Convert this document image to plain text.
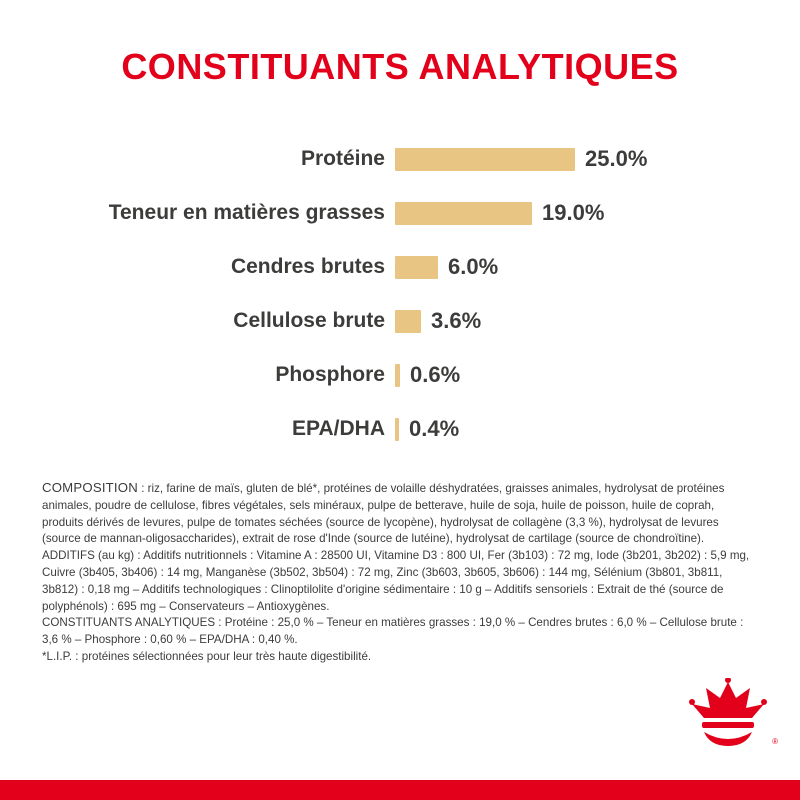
CONSTITUANTS ANALYTIQUES
Protéine	25.0%
Teneur en matières grasses	19.0%
Cendres brutes	6.0%
Cellulose brute	3.6%
Phosphore	0.6%
EPA/DHA	0.4%

COMPOSITION : riz, farine de maïs, gluten de blé*, protéines de volaille déshydratées, graisses animales, hydrolysat de protéines animales, poudre de cellulose, fibres végétales, sels minéraux, pulpe de betterave, huile de soja, huile de poisson, huile de coprah, produits dérivés de levures, pulpe de tomates séchées (source de lycopène), hydrolysat de collagène (3,3 %), hydrolysat de levures (source de mannan-oligosaccharides), extrait de rose d'Inde (source de lutéine), hydrolysat de cartilage (source de chondroïtine).

ADDITIFS (au kg) : Additifs nutritionnels : Vitamine A : 28500 UI, Vitamine D3 : 800 UI, Fer (3b103) : 72 mg, Iode (3b201, 3b202) : 5,9 mg, Cuivre (3b405, 3b406) : 14 mg, Manganèse (3b502, 3b504) : 72 mg, Zinc (3b603, 3b605, 3b606) : 144 mg, Sélénium (3b801, 3b811, 3b812) : 0,18 mg – Additifs technologiques : Clinoptilolite d'origine sédimentaire : 10 g – Additifs sensoriels : Extrait de thé (source de polyphénols) : 695 mg – Conservateurs – Antioxygènes.

CONSTITUANTS ANALYTIQUES : Protéine : 25,0 % – Teneur en matières grasses : 19,0 % – Cendres brutes : 6,0 % – Cellulose brute : 3,6 % – Phosphore : 0,60 % – EPA/DHA : 0,40 %.

*L.I.P. : protéines sélectionnées pour leur très haute digestibilité.

®
